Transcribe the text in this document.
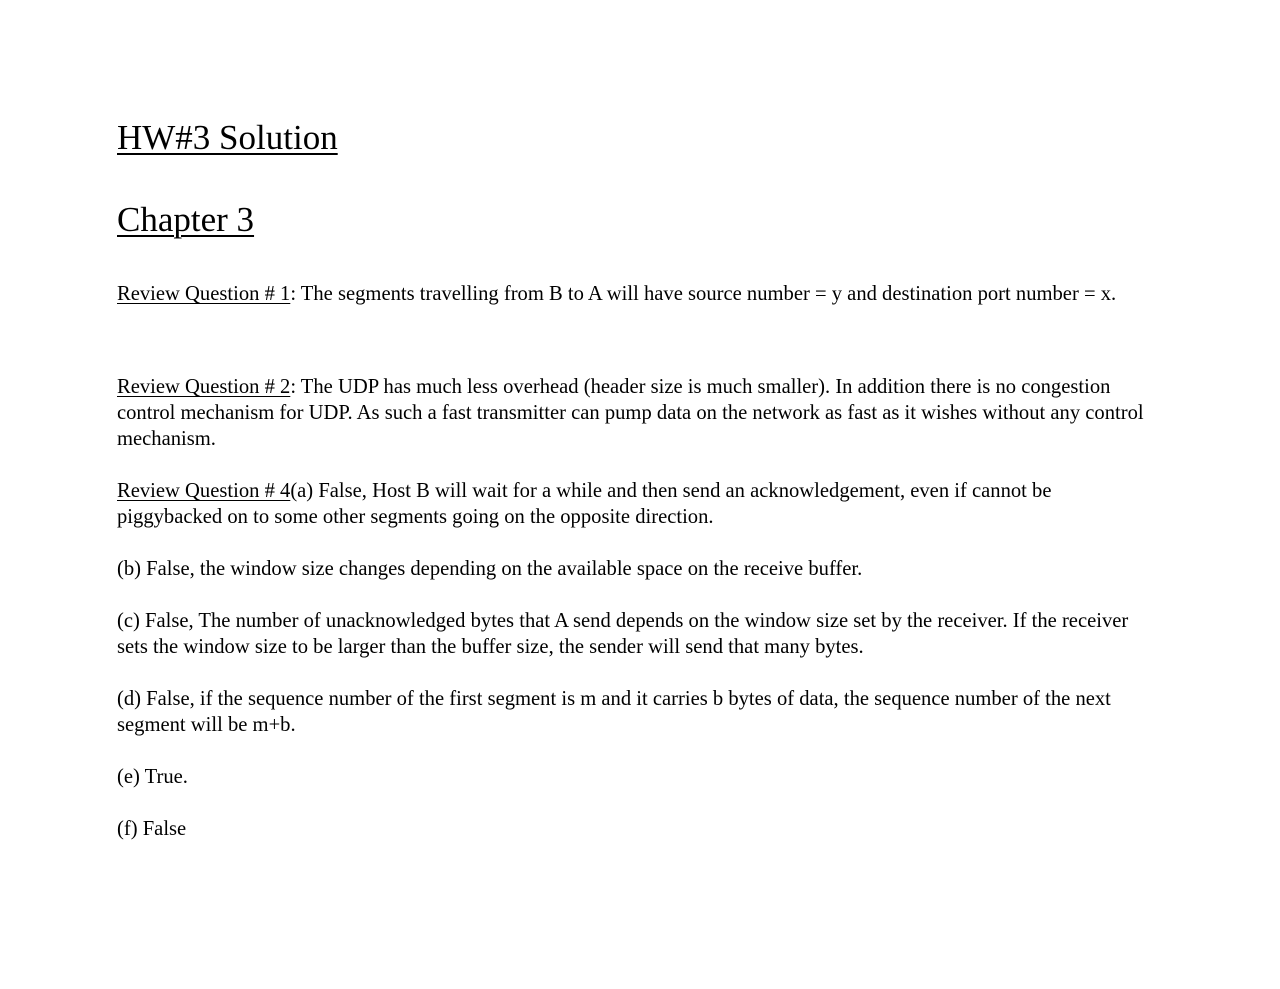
HW#3 Solution
Chapter 3

Review Question # 1: The segments travelling from B to A will have source number = y and destination port number = x.

Review Question # 2: The UDP has much less overhead (header size is much smaller). In addition there is no congestion control mechanism for UDP. As such a fast transmitter can pump data on the network as fast as it wishes without any control mechanism.

Review Question # 4(a) False, Host B will wait for a while and then send an acknowledgement, even if cannot be piggybacked on to some other segments going on the opposite direction.

(b) False, the window size changes depending on the available space on the receive buffer.

(c) False, The number of unacknowledged bytes that A send depends on the window size set by the receiver. If the receiver sets the window size to be larger than the buffer size, the sender will send that many bytes.

(d) False, if the sequence number of the first segment is m and it carries b bytes of data, the sequence number of the next segment will be m+b.

(e) True.

(f) False
